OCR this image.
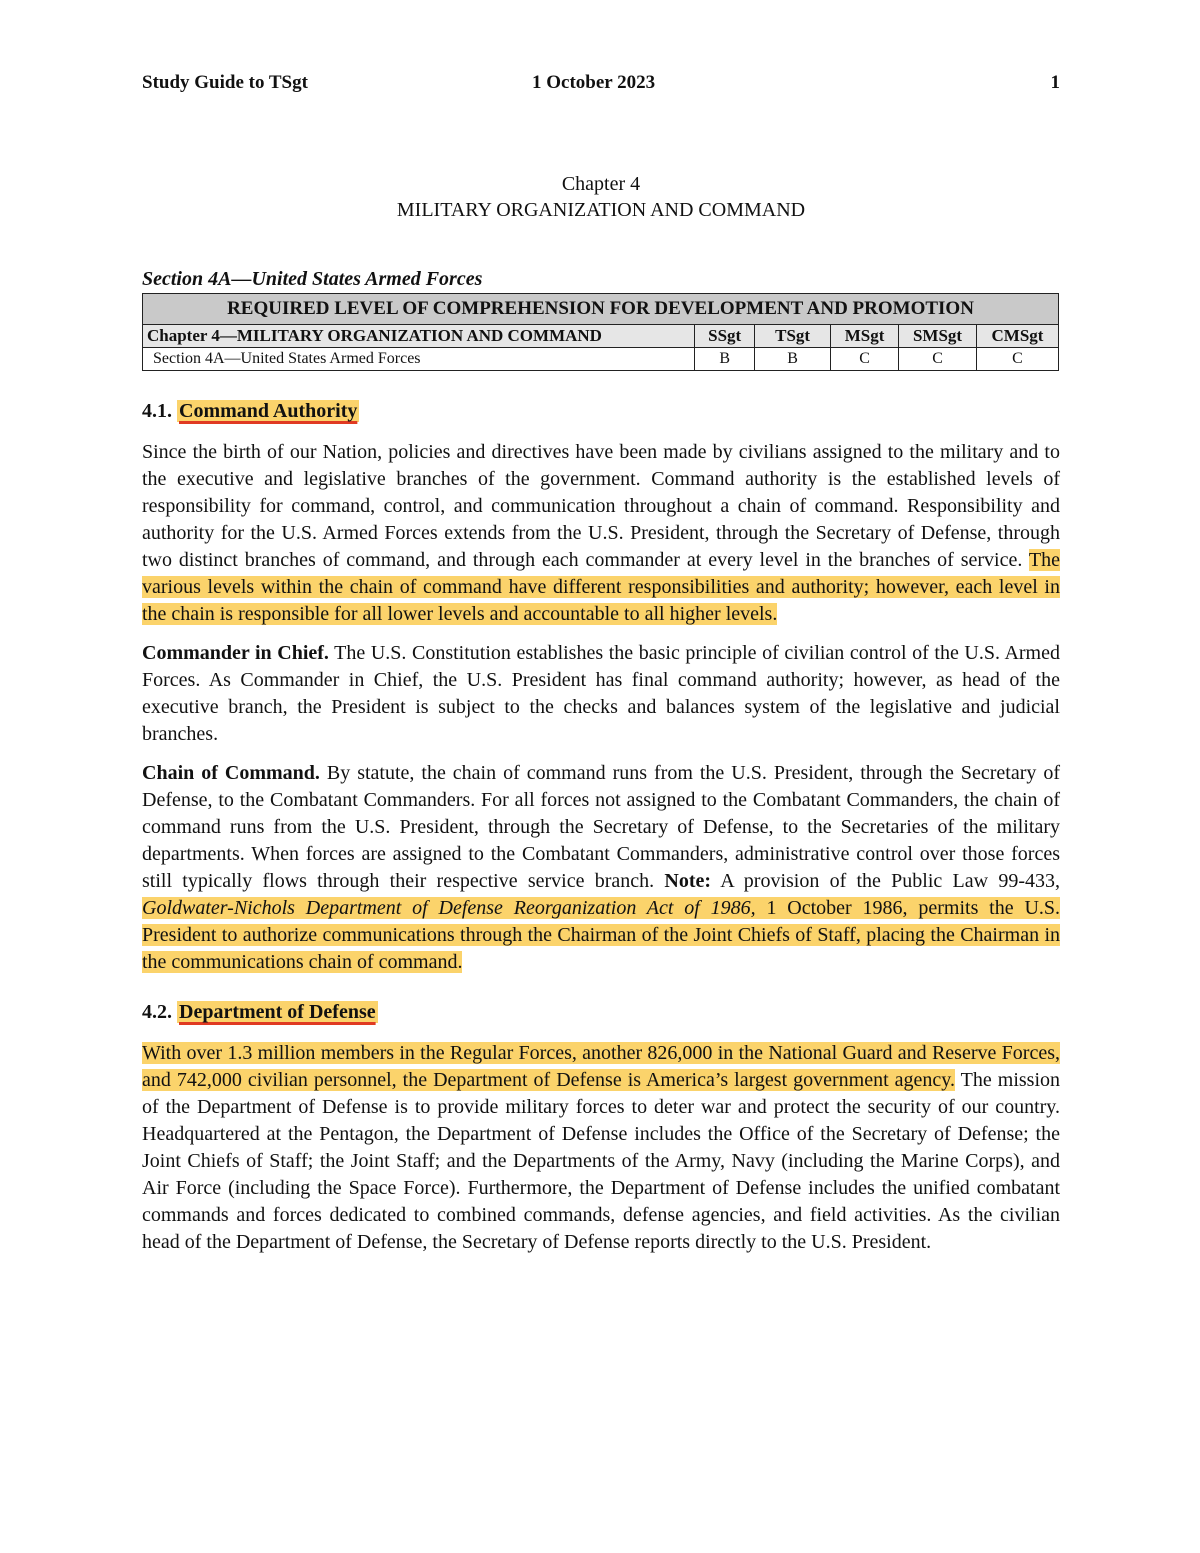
Study Guide to TSgt	1 October 2023	1
Chapter 4
MILITARY ORGANIZATION AND COMMAND
Section 4A—United States Armed Forces
REQUIRED LEVEL OF COMPREHENSION FOR DEVELOPMENT AND PROMOTION					
Chapter 4—MILITARY ORGANIZATION AND COMMAND	SSgt	TSgt	MSgt	SMSgt	CMSgt
Section 4A—United States Armed Forces	B	B	C	C	C
4.1. Command Authority

Since the birth of our Nation, policies and directives have been made by civilians assigned to the military and to the executive and legislative branches of the government. Command authority is the established levels of responsibility for command, control, and communication throughout a chain of command. Responsibility and authority for the U.S. Armed Forces extends from the U.S. President, through the Secretary of Defense, through two distinct branches of command, and through each commander at every level in the branches of service. The various levels within the chain of command have different responsibilities and authority; however, each level in the chain is responsible for all lower levels and accountable to all higher levels.

Commander in Chief. The U.S. Constitution establishes the basic principle of civilian control of the U.S. Armed Forces. As Commander in Chief, the U.S. President has final command authority; however, as head of the executive branch, the President is subject to the checks and balances system of the legislative and judicial branches.

Chain of Command. By statute, the chain of command runs from the U.S. President, through the Secretary of Defense, to the Combatant Commanders. For all forces not assigned to the Combatant Commanders, the chain of command runs from the U.S. President, through the Secretary of Defense, to the Secretaries of the military departments. When forces are assigned to the Combatant Commanders, administrative control over those forces still typically flows through their respective service branch. Note: A provision of the Public Law 99-433, Goldwater-Nichols Department of Defense Reorganization Act of 1986, 1 October 1986, permits the U.S. President to authorize communications through the Chairman of the Joint Chiefs of Staff, placing the Chairman in the communications chain of command.

4.2. Department of Defense

With over 1.3 million members in the Regular Forces, another 826,000 in the National Guard and Reserve Forces, and 742,000 civilian personnel, the Department of Defense is America’s largest government agency. The mission of the Department of Defense is to provide military forces to deter war and protect the security of our country. Headquartered at the Pentagon, the Department of Defense includes the Office of the Secretary of Defense; the Joint Chiefs of Staff; the Joint Staff; and the Departments of the Army, Navy (including the Marine Corps), and Air Force (including the Space Force). Furthermore, the Department of Defense includes the unified combatant commands and forces dedicated to combined commands, defense agencies, and field activities. As the civilian head of the Department of Defense, the Secretary of Defense reports directly to the U.S. President.
